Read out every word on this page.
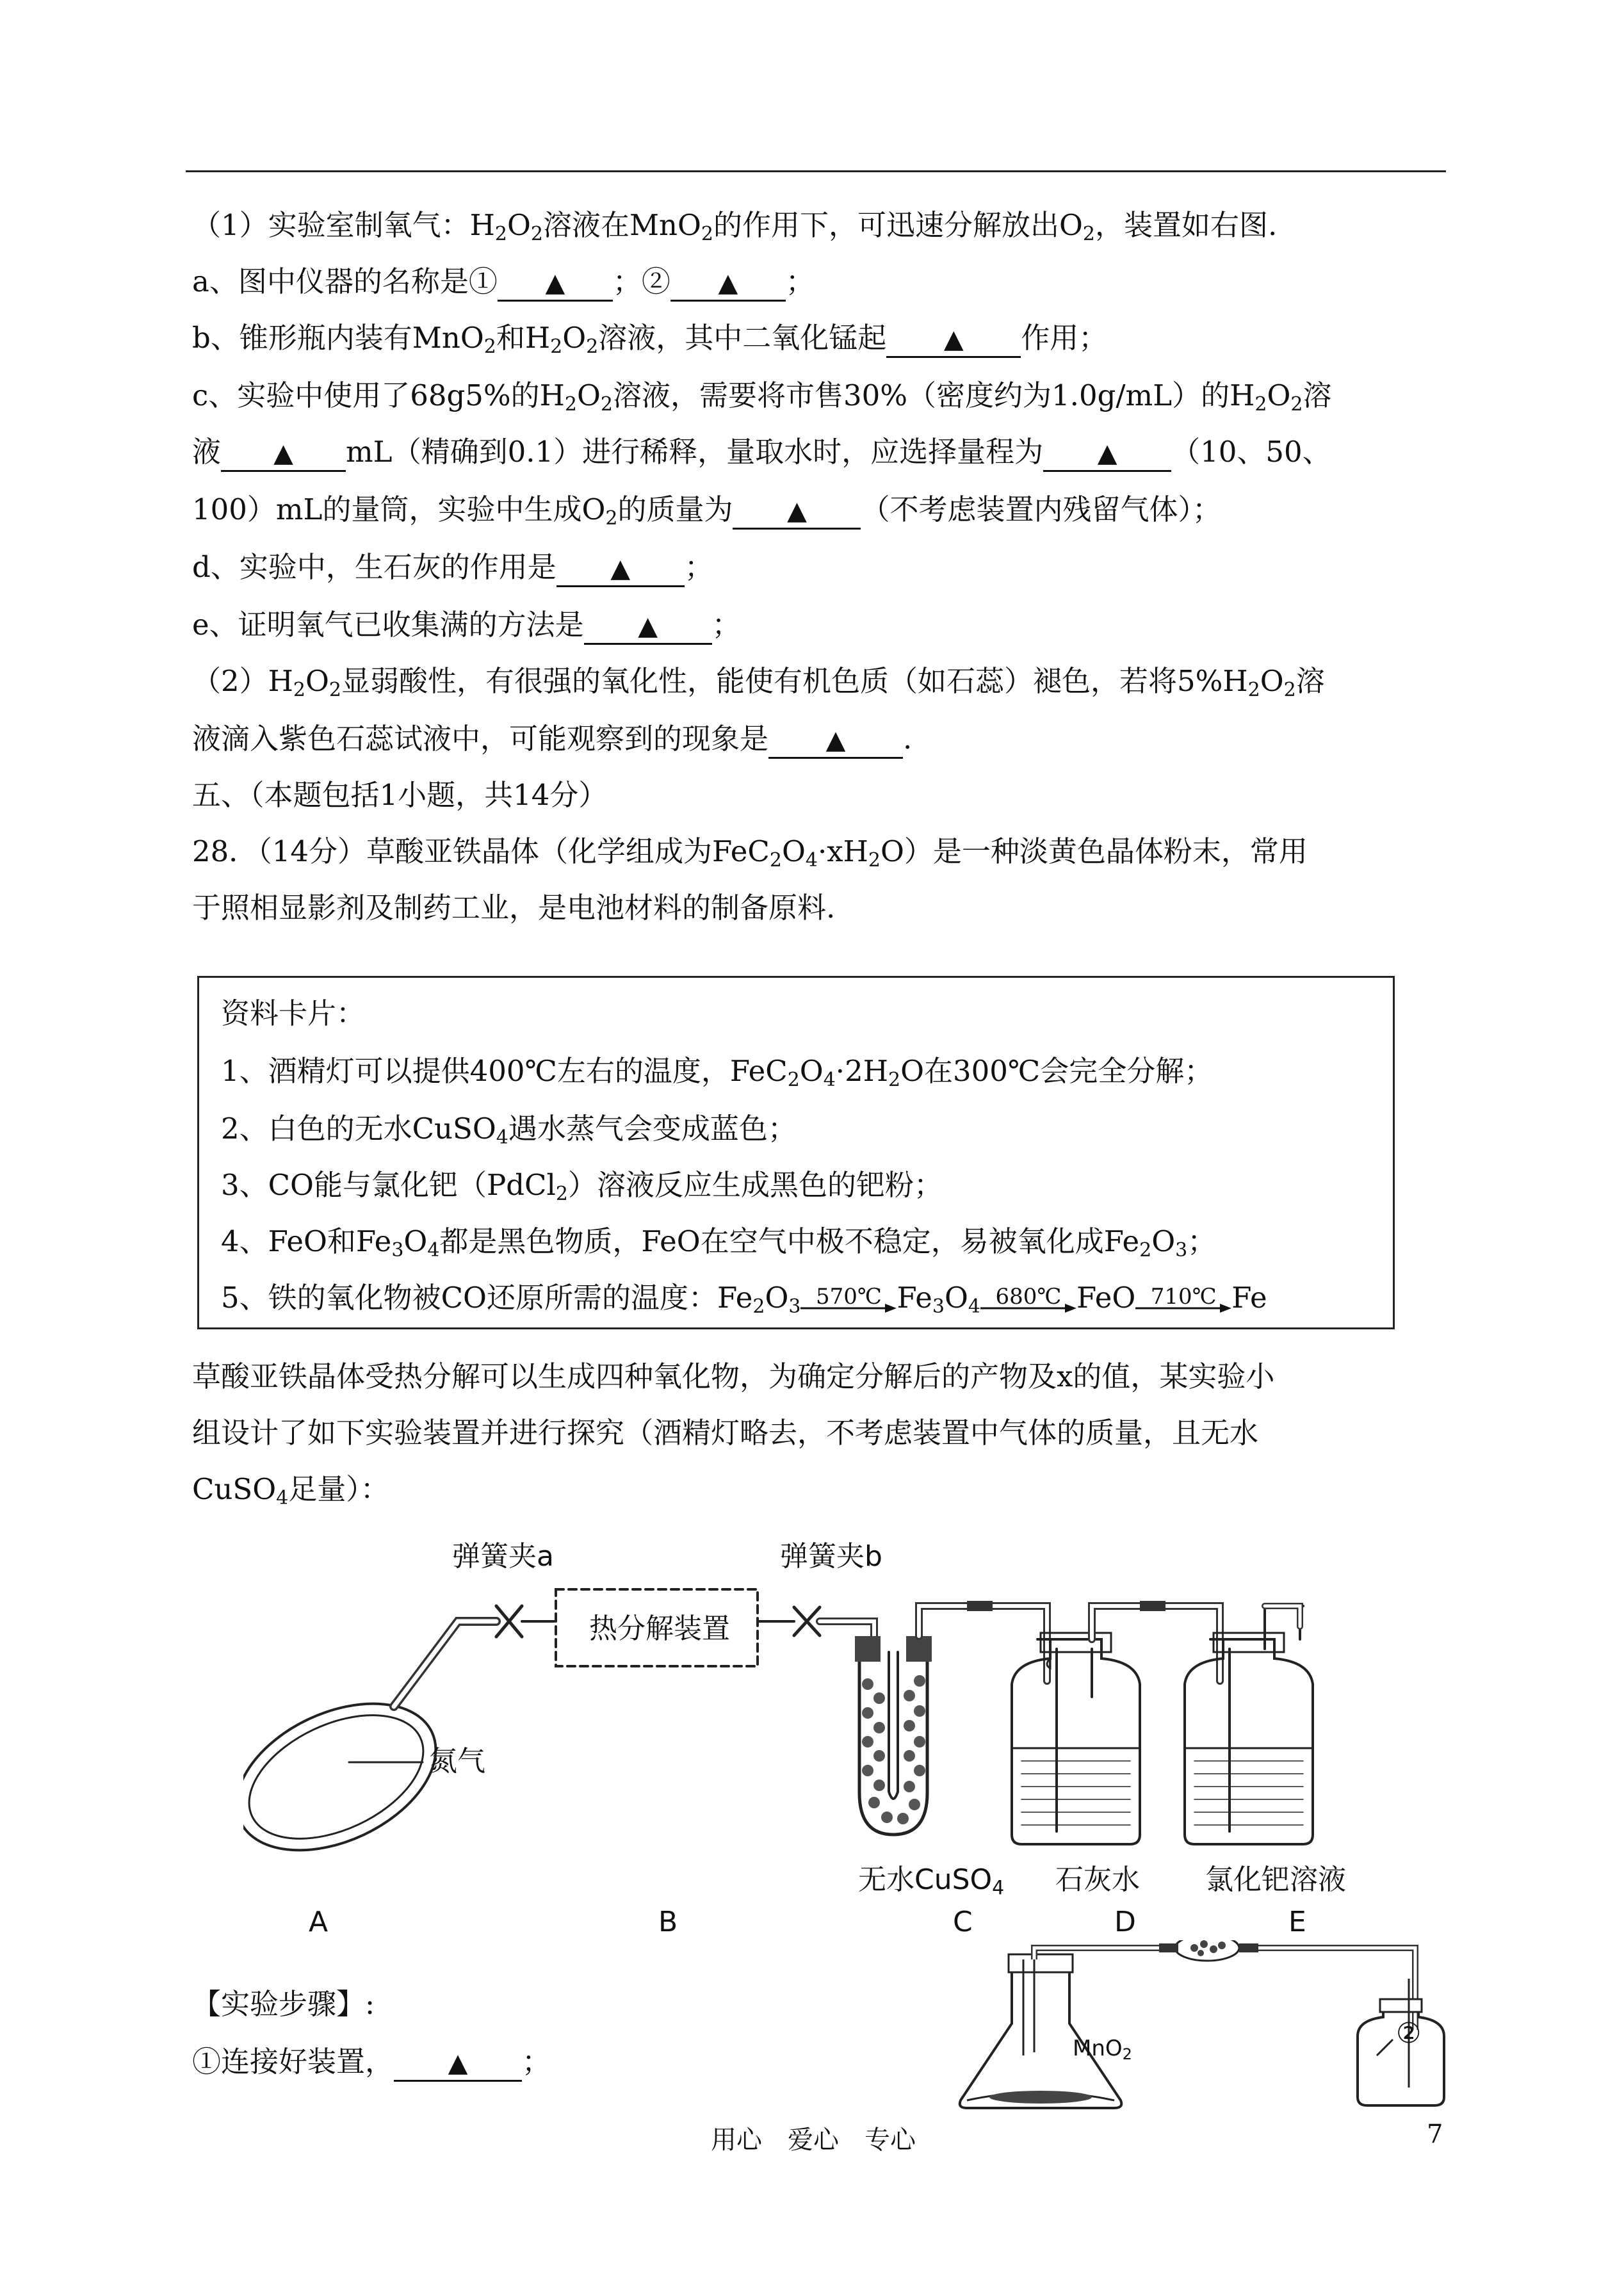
（1）实验室制氧气：$H_2O_2$溶液在MnO$_2$的作用下，可迅速分解放出$O_2$，装置如右图.
a、图中仪器的名称是① ▲ ；② ▲ ；
b、锥形瓶内装有MnO$_2$和$H_2O_2$溶液，其中二氧化锰起 ▲ 作用；
c、实验中使用了68g5%的$H_2O_2$溶液，需要将市售30%（密度约为1.0g/mL）的$H_2O_2$溶
液 ▲ mL（精确到0.1）进行稀释，量取水时，应选择量程为 ▲ （10、50、
100）mL的量筒，实验中生成$O_2$的质量为 ▲ （不考虑装置内残留气体）；
d、实验中，生石灰的作用是 ▲ ；
e、证明氧气已收集满的方法是 ▲ ；
$(2)H_2O_2$显弱酸性，有很强的氧化性，能使有机色质（如石蕊）褪色，若将$5\%H_2O_2$溶
液滴入紫色石蕊试液中，可能观察到的现象是 ▲ .
五、（本题包括1小题，共14分）
28．（14分）草酸亚铁晶体（化学组成为$FeC_2O_4\cdot xH_2O$）是一种淡黄色晶体粉末，常用
于照相显影剂及制药工业，是电池材料的制备原料.
资料卡片：
1、酒精灯可以提供400℃左右的温度，$FeC_2O_4\cdot 2H_2O$在300℃会完全分解；
2、白色的无水CuSO$_4$遇水蒸气会变成蓝色；
3、CO能与氯化钯（PdCl$_2$）溶液反应生成黑色的钯粉；
4、FeO和$Fe_3O_4$都是黑色物质，FeO在空气中极不稳定，易被氧化成$Fe_2O_3$；
5、铁的氧化物被CO还原所需的温度：$Fe_2O_3$ 570℃ $Fe_3O_4$ 680℃ FeO 710℃ Fe
草酸亚铁晶体受热分解可以生成四种氧化物，为确定分解后的产物及x的值，某实验小
组设计了如下实验装置并进行探究（酒精灯略去，不考虑装置中气体的质量，且无水
CuSO$_4$足量）：
弹簧夹a	弹簧夹b
热分解装置
氮气
无水CuSO4 石灰水 氯化钯溶液
A	B	C	D	E
MnO2
②
【实验步骤】:
①连接好装置， ▲ ；
用心　爱心　专心	7
